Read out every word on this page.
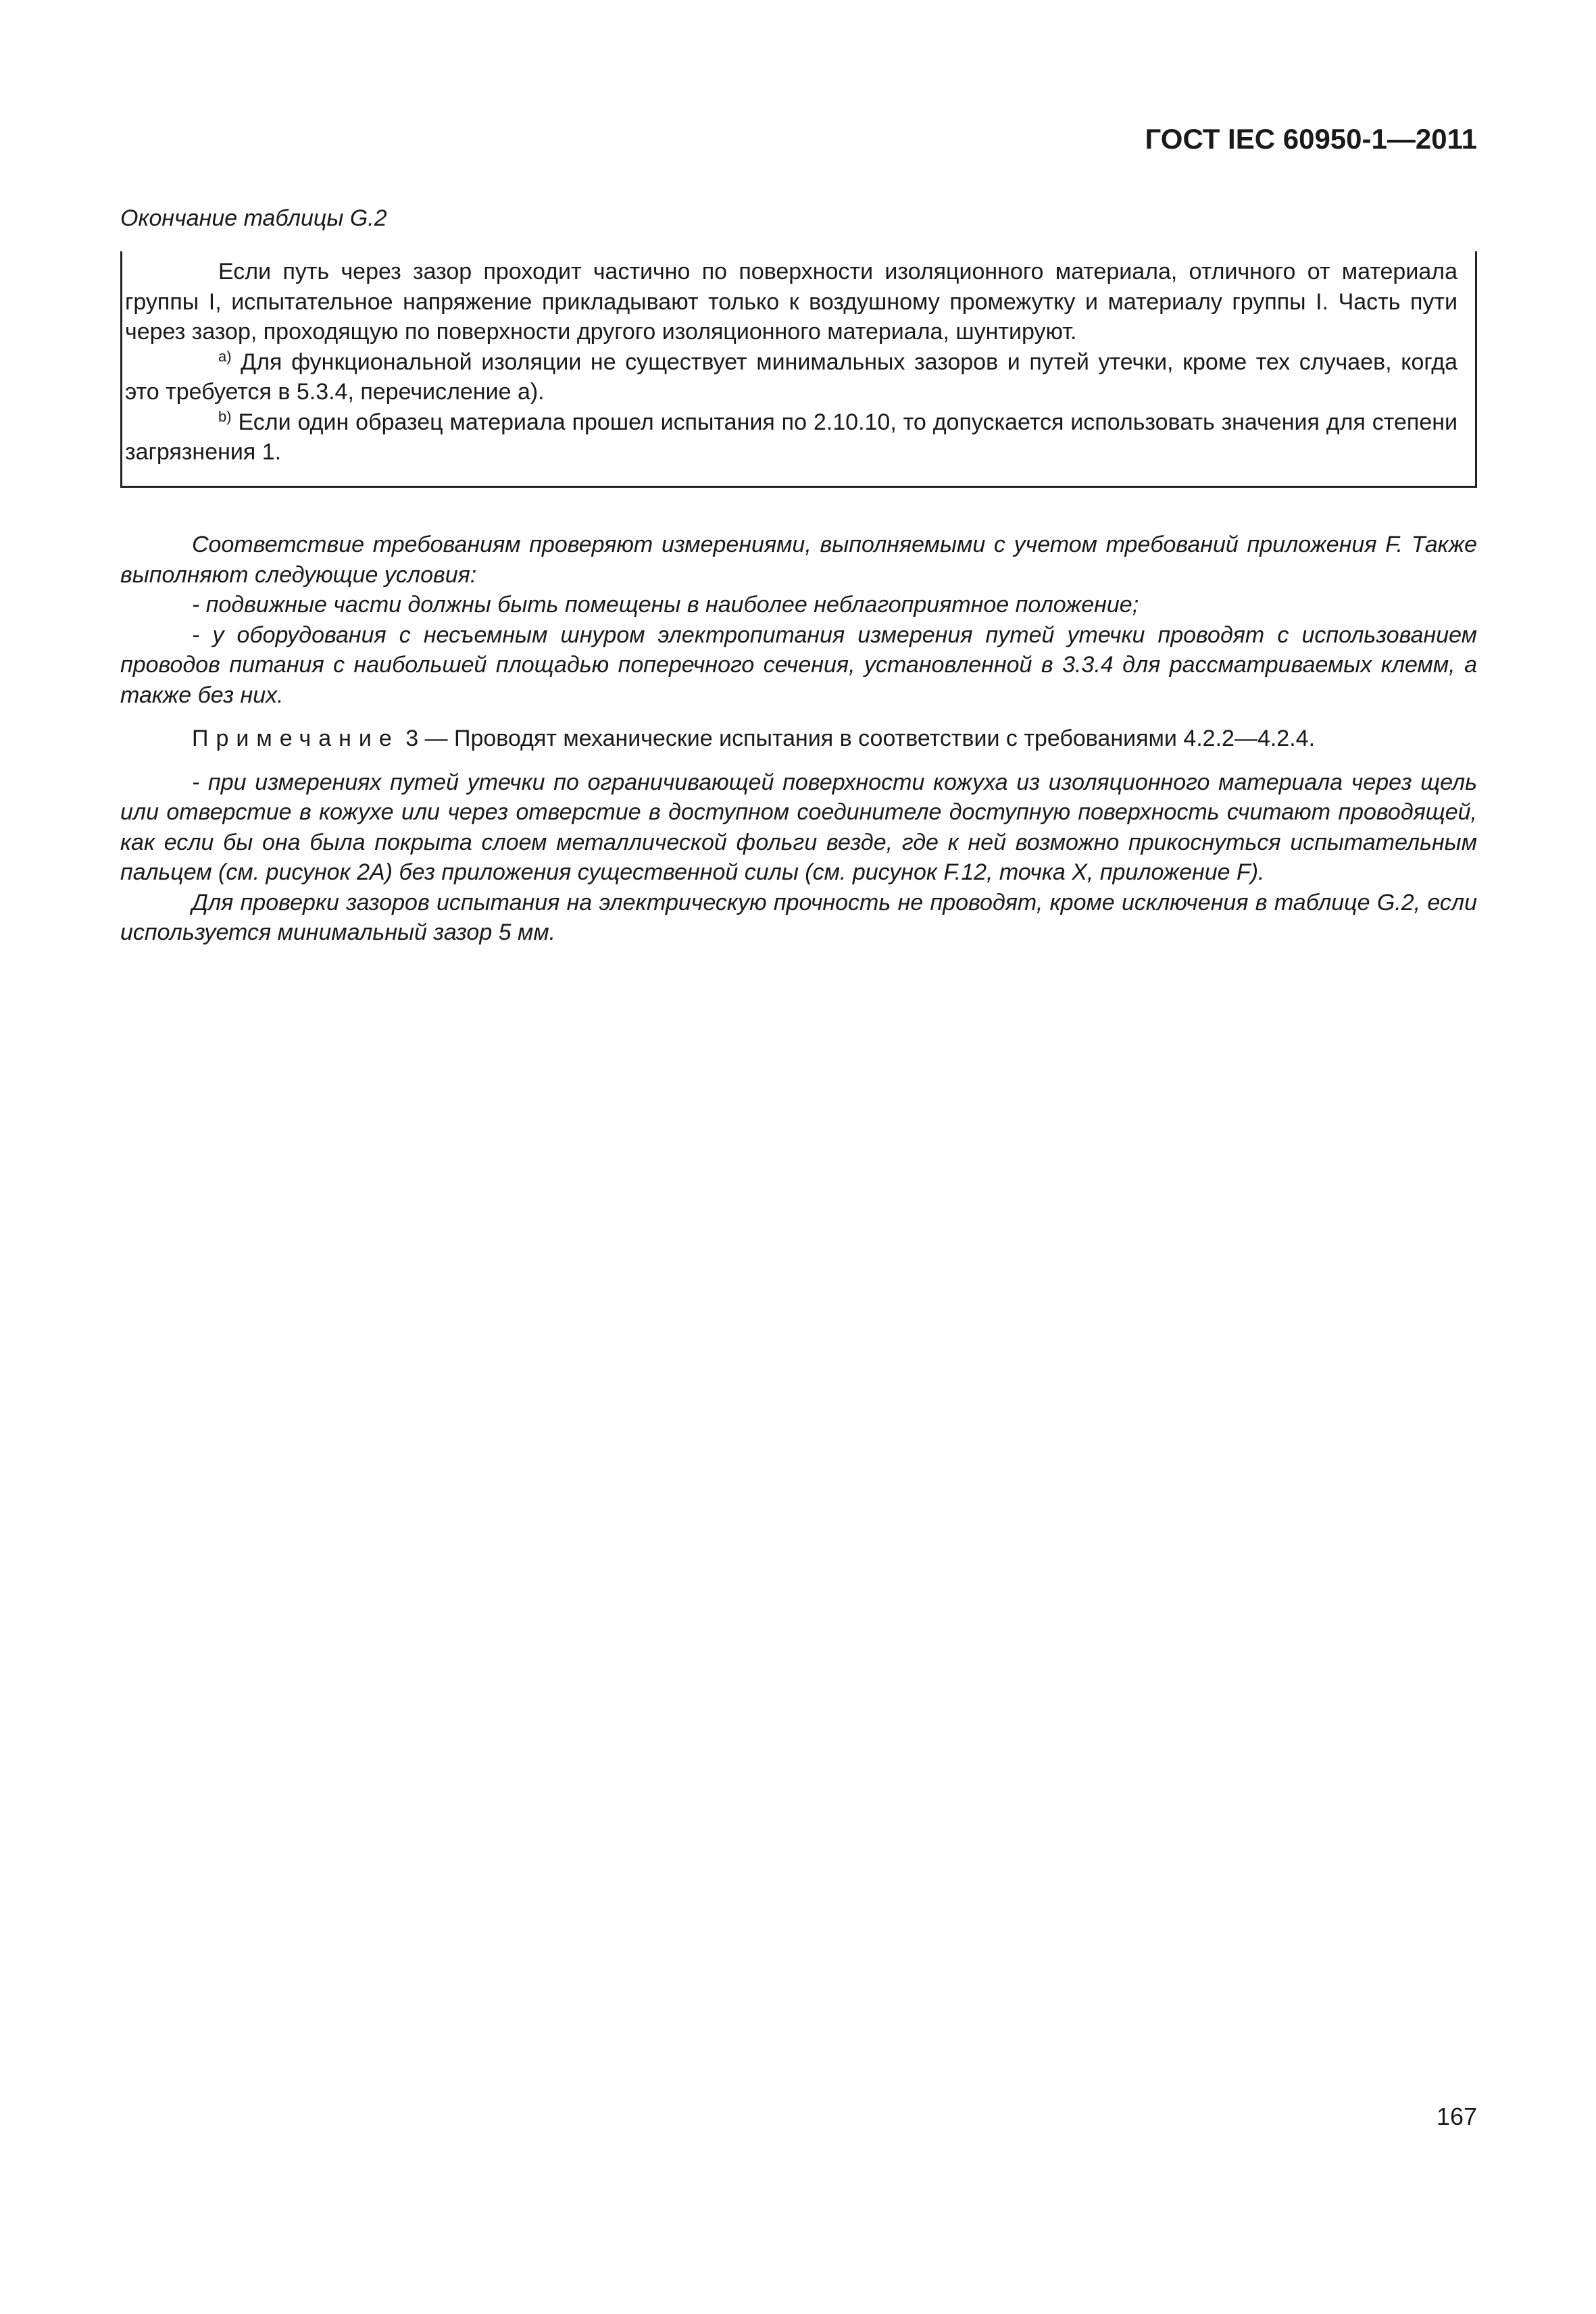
ГОСТ IEC 60950-1—2011
Окончание таблицы G.2

Если путь через зазор проходит частично по поверхности изоляционного материала, отличного от материала группы I, испытательное напряжение прикладывают только к воздушному промежутку и материалу группы I. Часть пути через зазор, проходящую по поверхности другого изоляционного материала, шунтируют.

$^{a)}$ Для функциональной изоляции не существует минимальных зазоров и путей утечки, кроме тех случаев, когда это требуется в 5.3.4, перечисление а).

$^{b)}$ Если один образец материала прошел испытания по 2.10.10, то допускается использовать значения для степени загрязнения 1.

Соответствие требованиям проверяют измерениями, выполняемыми с учетом требований приложения F. Также выполняют следующие условия:

- подвижные части должны быть помещены в наиболее неблагоприятное положение;

- у оборудования с несъемным шнуром электропитания измерения путей утечки проводят с использованием проводов питания с наибольшей площадью поперечного сечения, установленной в 3.3.4 для рассматриваемых клемм, а также без них.

Примечание 3 — Проводят механические испытания в соответствии с требованиями 4.2.2—4.2.4.

- при измерениях путей утечки по ограничивающей поверхности кожуха из изоляционного материала через щель или отверстие в кожухе или через отверстие в доступном соединителе доступную поверхность считают проводящей, как если бы она была покрыта слоем металлической фольги везде, где к ней возможно прикоснуться испытательным пальцем (см. рисунок 2А) без приложения существенной силы (см. рисунок F.12, точка X, приложение F).

Для проверки зазоров испытания на электрическую прочность не проводят, кроме исключения в таблице G.2, если используется минимальный зазор 5 мм.

167
